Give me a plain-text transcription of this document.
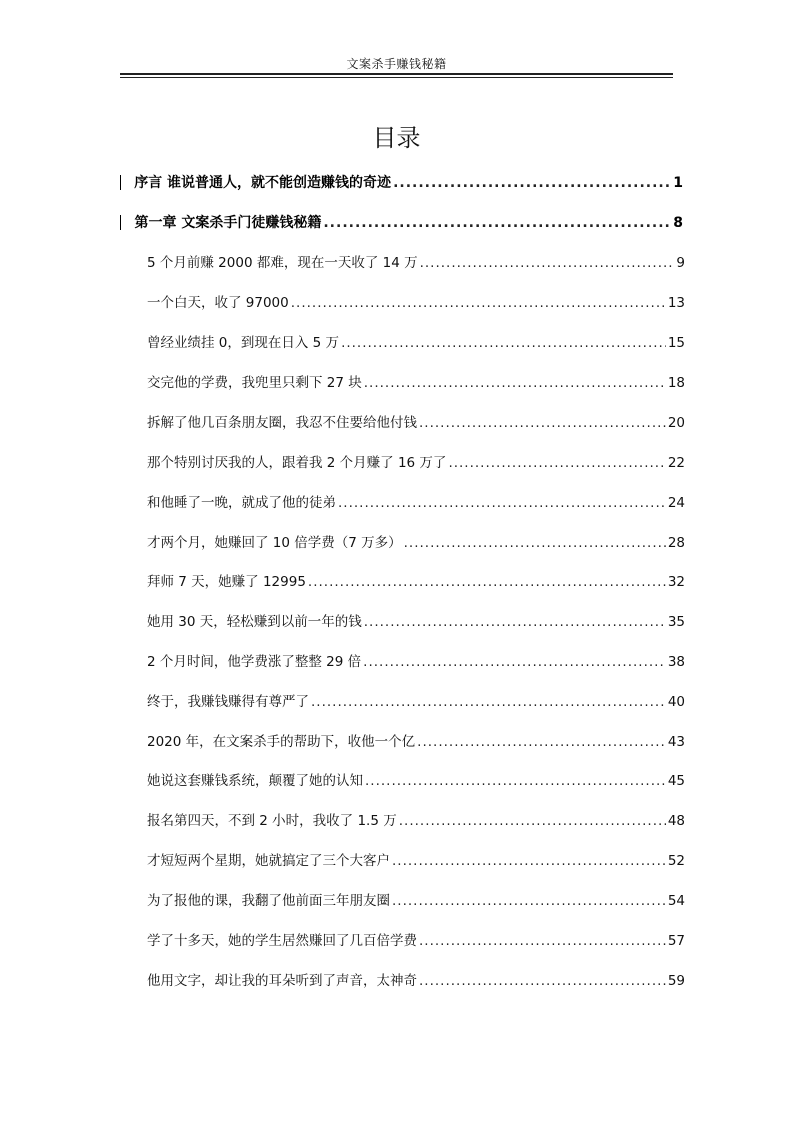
文案杀手赚钱秘籍
目录
序言 谁说普通人，就不能创造赚钱的奇迹 .....	1
第一章 文案杀手门徒赚钱秘籍 .....	8
5 个月前赚 2000 都难，现在一天收了 14 万 .....	9
一个白天，收了 97000 .....	13
曾经业绩挂 0，到现在日入 5 万 .....	15
交完他的学费，我兜里只剩下 27 块 .....	18
拆解了他几百条朋友圈，我忍不住要给他付钱 .....	20
那个特别讨厌我的人，跟着我 2 个月赚了 16 万了 .....	22
和他睡了一晚，就成了他的徒弟 .....	24
才两个月，她赚回了 10 倍学费（7 万多） .....	28
拜师 7 天，她赚了 12995 .....	32
她用 30 天，轻松赚到以前一年的钱 .....	35
2 个月时间，他学费涨了整整 29 倍 .....	38
终于，我赚钱赚得有尊严了 .....	40
2020 年，在文案杀手的帮助下，收他一个亿 .....	43
她说这套赚钱系统，颠覆了她的认知 .....	45
报名第四天，不到 2 小时，我收了 1.5 万 .....	48
才短短两个星期，她就搞定了三个大客户 .....	52
为了报他的课，我翻了他前面三年朋友圈 .....	54
学了十多天，她的学生居然赚回了几百倍学费 .....	57
他用文字，却让我的耳朵听到了声音，太神奇 .....	59
